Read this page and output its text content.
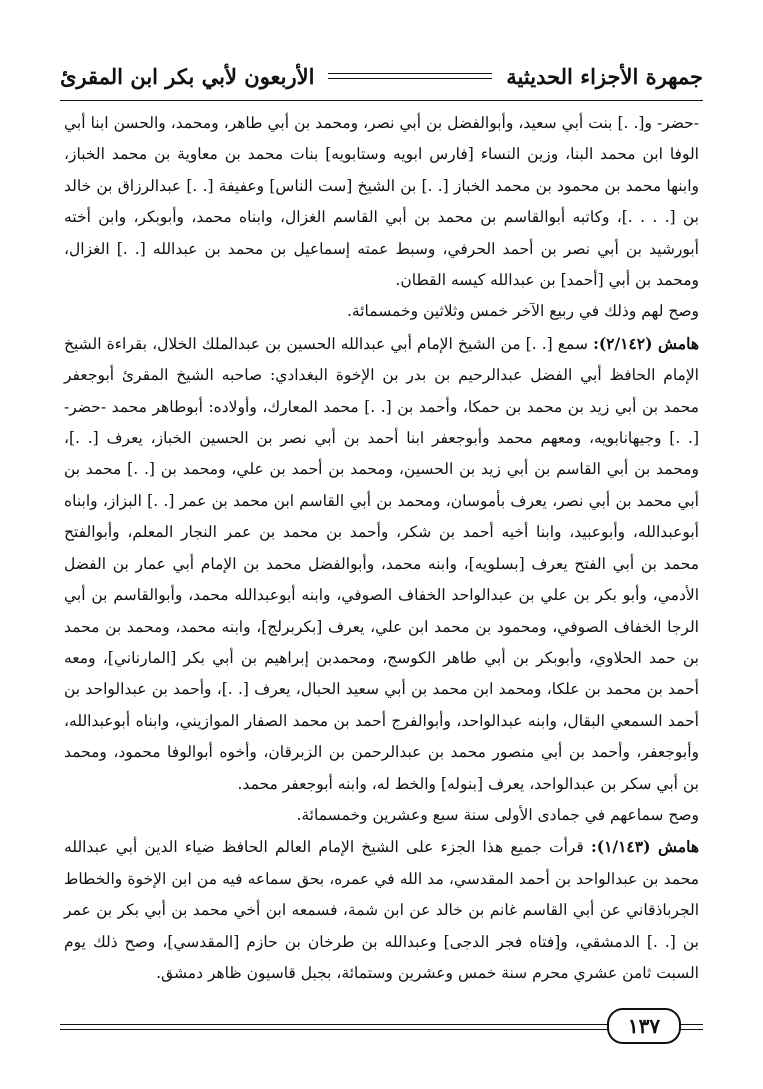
جمهرة الأجزاء الحديثية
الأربعون لأبي بكر ابن المقرئ

-حضر- و[. .] بنت أبي سعيد، وأبوالفضل بن أبي نصر، ومحمد بن أبي طاهر، ومحمد، والحسن ابنا أبي الوفا ابن محمد البنا، وزين النساء [فارس ابويه وستابويه] بنات محمد بن معاوية بن محمد الخباز، وابنها محمد بن محمود بن محمد الخباز [. .] بن الشيخ [ست الناس] وعفيفة [. .] عبدالرزاق بن خالد بن [. . . .]، وكاتبه أبوالقاسم بن محمد بن أبي القاسم الغزال، وابناه محمد، وأبوبكر، وابن أخته أبورشيد بن أبي نصر بن أحمد الحرفي، وسبط عمته إسماعيل بن محمد بن عبدالله [. .] الغزال، ومحمد بن أبي [أحمد] بن عبدالله كيسه القطان.

وصح لهم وذلك في ربيع الآخر خمس وثلاثين وخمسمائة.

هامش (٢/١٤٢): سمع [. .] من الشيخ الإمام أبي عبدالله الحسين بن عبدالملك الخلال، بقراءة الشيخ الإمام الحافظ أبي الفضل عبدالرحيم بن بدر بن الإخوة البغدادي: صاحبه الشيخ المقرئ أبوجعفر محمد بن أبي زيد بن محمد بن حمكا، وأحمد بن [. .] محمد المعارك، وأولاده: أبوطاهر محمد -حضر- [. .] وجيهانابويه، ومعهم محمد وأبوجعفر ابنا أحمد بن أبي نصر بن الحسين الخباز، يعرف [. .]، ومحمد بن أبي القاسم بن أبي زيد بن الحسين، ومحمد بن أحمد بن علي، ومحمد بن [. .] محمد بن أبي محمد بن أبي نصر، يعرف بأموسان، ومحمد بن أبي القاسم ابن محمد بن عمر [. .] البزاز، وابناه أبوعبدالله، وأبوعبيد، وابنا أخيه أحمد بن شكر، وأحمد بن محمد بن عمر النجار المعلم، وأبوالفتح محمد بن أبي الفتح يعرف [بسلويه]، وابنه محمد، وأبوالفضل محمد بن الإمام أبي عمار بن الفضل الأدمي، وأبو بكر بن علي بن عبدالواحد الخفاف الصوفي، وابنه أبوعبدالله محمد، وأبوالقاسم بن أبي الرجا الخفاف الصوفي، ومحمود بن محمد ابن علي، يعرف [بكربرلج]، وابنه محمد، ومحمد بن محمد بن حمد الحلاوي، وأبوبكر بن أبي طاهر الكوسج، ومحمدبن إبراهيم بن أبي بكر [المارناني]، ومعه أحمد بن محمد بن علكا، ومحمد ابن محمد بن أبي سعيد الحبال، يعرف [. .]، وأحمد بن عبدالواحد بن أحمد السمعي البقال، وابنه عبدالواحد، وأبوالفرج أحمد بن محمد الصفار الموازيني، وابناه أبوعبدالله، وأبوجعفر، وأحمد بن أبي منصور محمد بن عبدالرحمن بن الزبرقان، وأخوه أبوالوفا محمود، ومحمد بن أبي سكر بن عبدالواحد، يعرف [بنوله] والخط له، وابنه أبوجعفر محمد.

وصح سماعهم في جمادى الأولى سنة سبع وعشرين وخمسمائة.

هامش (١/١٤٣): قرأت جميع هذا الجزء على الشيخ الإمام العالم الحافظ ضياء الدين أبي عبدالله محمد بن عبدالواحد بن أحمد المقدسي، مد الله في عمره، بحق سماعه فيه من ابن الإخوة والخطاط الجرباذقاني عن أبي القاسم غانم بن خالد عن ابن شمة، فسمعه ابن أخي محمد بن أبي بكر بن عمر بن [. .] الدمشقي، و[فتاه فجر الدجى] وعبدالله بن طرخان بن حازم [المقدسي]، وصح ذلك يوم السبت ثامن عشري محرم سنة خمس وعشرين وستمائة، بجبل قاسيون ظاهر دمشق.

١٣٧
